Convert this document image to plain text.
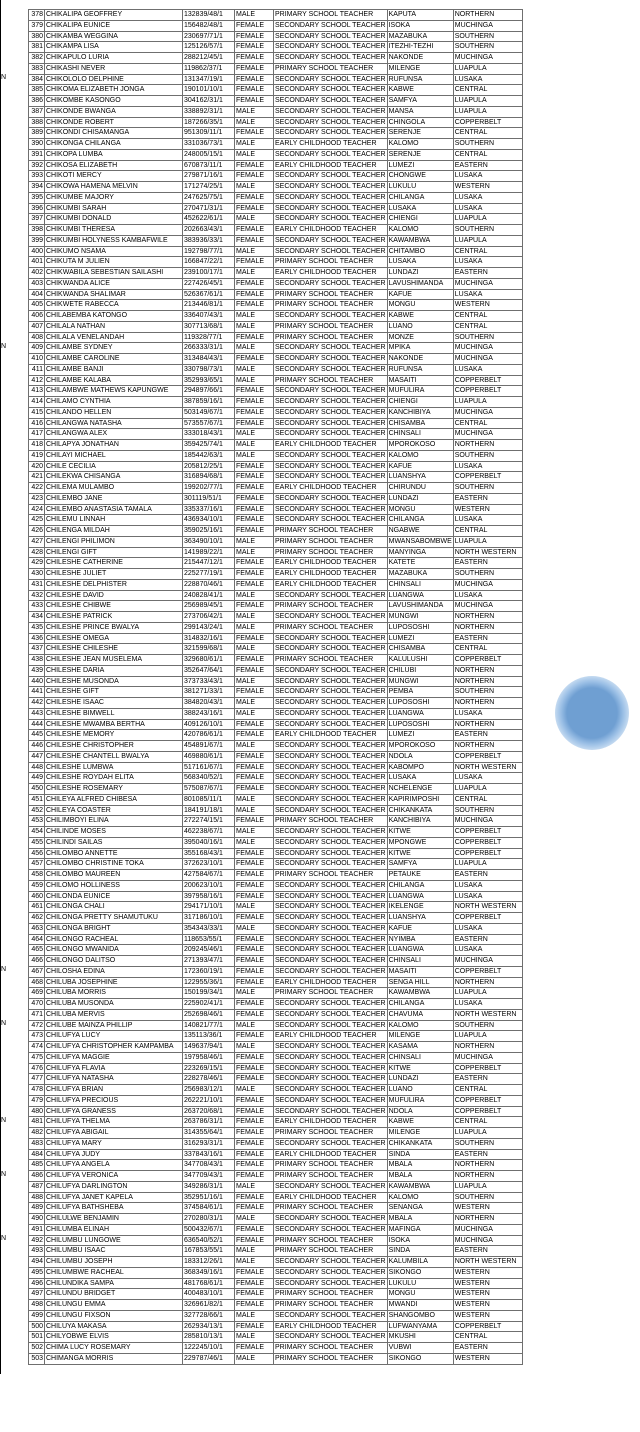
378	CHIKALIPA GEOFFREY	132839/48/1	MALE	PRIMARY SCHOOL TEACHER	KAPUTA	NORTHERN
379	CHIKALIPA EUNICE	156482/48/1	FEMALE	SECONDARY SCHOOL TEACHER	ISOKA	MUCHINGA
380	CHIKAMBA WEGGINA	230697/71/1	FEMALE	SECONDARY SCHOOL TEACHER	MAZABUKA	SOUTHERN
381	CHIKAMPA LISA	125126/57/1	FEMALE	SECONDARY SCHOOL TEACHER	ITEZHI-TEZHI	SOUTHERN
382	CHIKAPULO LURIA	288212/45/1	FEMALE	SECONDARY SCHOOL TEACHER	NAKONDE	MUCHINGA
383	CHIKASHI NEVER	119862/37/1	FEMALE	PRIMARY SCHOOL TEACHER	MILENGE	LUAPULA
384	CHIKOLOLO DELPHINE	131347/19/1	FEMALE	SECONDARY SCHOOL TEACHER	RUFUNSA	LUSAKA
385	CHIKOMA ELIZABETH JONGA	190101/10/1	FEMALE	SECONDARY SCHOOL TEACHER	KABWE	CENTRAL
386	CHIKOMBE KASONGO	304162/31/1	FEMALE	SECONDARY SCHOOL TEACHER	SAMFYA	LUAPULA
387	CHIKONDE BWANGA	338892/31/1	MALE	SECONDARY SCHOOL TEACHER	MANSA	LUAPULA
388	CHIKONDE ROBERT	187266/35/1	MALE	SECONDARY SCHOOL TEACHER	CHINGOLA	COPPERBELT
389	CHIKONDI CHISAMANGA	951309/11/1	FEMALE	SECONDARY SCHOOL TEACHER	SERENJE	CENTRAL
390	CHIKONGA CHILANGA	331036/73/1	MALE	EARLY CHILDHOOD TEACHER	KALOMO	SOUTHERN
391	CHIKOPA LUMBA	248005/15/1	MALE	SECONDARY SCHOOL TEACHER	SERENJE	CENTRAL
392	CHIKOSA ELIZABETH	670873/11/1	FEMALE	EARLY CHILDHOOD TEACHER	LUMEZI	EASTERN
393	CHIKOTI MERCY	279871/16/1	FEMALE	SECONDARY SCHOOL TEACHER	CHONGWE	LUSAKA
394	CHIKOWA HAMENA MELVIN	171274/25/1	MALE	SECONDARY SCHOOL TEACHER	LUKULU	WESTERN
395	CHIKUMBE MAJORY	247625/75/1	FEMALE	SECONDARY SCHOOL TEACHER	CHILANGA	LUSAKA
396	CHIKUMBI SARAH	270471/31/1	FEMALE	SECONDARY SCHOOL TEACHER	LUSAKA	LUSAKA
397	CHIKUMBI DONALD	452622/61/1	MALE	SECONDARY SCHOOL TEACHER	CHIENGI	LUAPULA
398	CHIKUMBI THERESA	202663/43/1	FEMALE	EARLY CHILDHOOD TEACHER	KALOMO	SOUTHERN
399	CHIKUMBI HOLYNESS KAMBAFWILE	383936/33/1	FEMALE	SECONDARY SCHOOL TEACHER	KAWAMBWA	LUAPULA
400	CHIKUMO NSAMA	192798/77/1	MALE	SECONDARY SCHOOL TEACHER	CHITAMBO	CENTRAL
401	CHIKUTA M JULIEN	166847/22/1	FEMALE	PRIMARY SCHOOL TEACHER	LUSAKA	LUSAKA
402	CHIKWABILA SEBESTIAN SAILASHI	239100/17/1	MALE	EARLY CHILDHOOD TEACHER	LUNDAZI	EASTERN
403	CHIKWANDA ALICE	227426/45/1	FEMALE	SECONDARY SCHOOL TEACHER	LAVUSHIMANDA	MUCHINGA
404	CHIKWANDA SHALIMAR	526367/61/1	FEMALE	PRIMARY SCHOOL TEACHER	KAFUE	LUSAKA
405	CHIKWETE RABECCA	213446/81/1	FEMALE	PRIMARY SCHOOL TEACHER	MONGU	WESTERN
406	CHILABEMBA KATONGO	336407/43/1	MALE	SECONDARY SCHOOL TEACHER	KABWE	CENTRAL
407	CHILALA NATHAN	307713/68/1	MALE	PRIMARY SCHOOL TEACHER	LUANO	CENTRAL
408	CHILALA VENELANDAH	119328/77/1	FEMALE	PRIMARY SCHOOL TEACHER	MONZE	SOUTHERN
409	CHILAMBE SYDNEY	266333/31/1	MALE	SECONDARY SCHOOL TEACHER	MPIKA	MUCHINGA
410	CHILAMBE CAROLINE	313484/43/1	FEMALE	SECONDARY SCHOOL TEACHER	NAKONDE	MUCHINGA
411	CHILAMBE BANJI	330798/73/1	MALE	SECONDARY SCHOOL TEACHER	RUFUNSA	LUSAKA
412	CHILAMBE KALABA	352993/65/1	MALE	PRIMARY SCHOOL TEACHER	MASAITI	COPPERBELT
413	CHILAMBWE MATHEWS KAPUNGWE	294897/66/1	FEMALE	SECONDARY SCHOOL TEACHER	MUFULIRA	COPPERBELT
414	CHILAMO CYNTHIA	387859/16/1	FEMALE	SECONDARY SCHOOL TEACHER	CHIENGI	LUAPULA
415	CHILANDO HELLEN	503149/67/1	FEMALE	SECONDARY SCHOOL TEACHER	KANCHIBIYA	MUCHINGA
416	CHILANGWA NATASHA	573557/67/1	FEMALE	SECONDARY SCHOOL TEACHER	CHISAMBA	CENTRAL
417	CHILANGWA ALEX	333018/43/1	MALE	SECONDARY SCHOOL TEACHER	CHINSALI	MUCHINGA
418	CHILAPYA JONATHAN	359425/74/1	MALE	EARLY CHILDHOOD TEACHER	MPOROKOSO	NORTHERN
419	CHILAYI MICHAEL	185442/63/1	MALE	SECONDARY SCHOOL TEACHER	KALOMO	SOUTHERN
420	CHILE CECILIA	205812/25/1	FEMALE	SECONDARY SCHOOL TEACHER	KAFUE	LUSAKA
421	CHILEKWA CHISANGA	316894/68/1	FEMALE	SECONDARY SCHOOL TEACHER	LUANSHYA	COPPERBELT
422	CHILEMA MULAMBO	199202/77/1	FEMALE	EARLY CHILDHOOD TEACHER	CHIRUNDU	SOUTHERN
423	CHILEMBO JANE	301119/51/1	FEMALE	SECONDARY SCHOOL TEACHER	LUNDAZI	EASTERN
424	CHILEMBO ANASTASIA TAMALA	335337/16/1	FEMALE	SECONDARY SCHOOL TEACHER	MONGU	WESTERN
425	CHILEMU LINNAH	436934/10/1	FEMALE	SECONDARY SCHOOL TEACHER	CHILANGA	LUSAKA
426	CHILENGA MILDAH	359025/16/1	FEMALE	PRIMARY SCHOOL TEACHER	NGABWE	CENTRAL
427	CHILENGI PHILIMON	363490/10/1	MALE	PRIMARY SCHOOL TEACHER	MWANSABOMBWE	LUAPULA
428	CHILENGI GIFT	141989/22/1	MALE	PRIMARY SCHOOL TEACHER	MANYINGA	NORTH WESTERN
429	CHILESHE CATHERINE	215447/12/1	FEMALE	EARLY CHILDHOOD TEACHER	KATETE	EASTERN
430	CHILESHE JULIET	225277/19/1	FEMALE	EARLY CHILDHOOD TEACHER	MAZABUKA	SOUTHERN
431	CHILESHE DELPHISTER	228870/46/1	FEMALE	EARLY CHILDHOOD TEACHER	CHINSALI	MUCHINGA
432	CHILESHE DAVID	240828/41/1	MALE	SECONDARY SCHOOL TEACHER	LUANGWA	LUSAKA
433	CHILESHE CHIBWE	256989/45/1	FEMALE	PRIMARY SCHOOL TEACHER	LAVUSHIMANDA	MUCHINGA
434	CHILESHE PATRICK	273706/42/1	MALE	SECONDARY SCHOOL TEACHER	MUNGWI	NORTHERN
435	CHILESHE PRINCE BWALYA	299143/24/1	MALE	PRIMARY SCHOOL TEACHER	LUPOSOSHI	NORTHERN
436	CHILESHE OMEGA	314832/16/1	FEMALE	SECONDARY SCHOOL TEACHER	LUMEZI	EASTERN
437	CHILESHE CHILESHE	321599/68/1	MALE	SECONDARY SCHOOL TEACHER	CHISAMBA	CENTRAL
438	CHILESHE JEAN MUSELEMA	329680/61/1	FEMALE	PRIMARY SCHOOL TEACHER	KALULUSHI	COPPERBELT
439	CHILESHE DARIA	352647/64/1	FEMALE	SECONDARY SCHOOL TEACHER	CHILUBI	NORTHERN
440	CHILESHE MUSONDA	373733/43/1	MALE	SECONDARY SCHOOL TEACHER	MUNGWI	NORTHERN
441	CHILESHE GIFT	381271/33/1	FEMALE	SECONDARY SCHOOL TEACHER	PEMBA	SOUTHERN
442	CHILESHE ISAAC	384820/43/1	MALE	SECONDARY SCHOOL TEACHER	LUPOSOSHI	NORTHERN
443	CHILESHE BIMWELL	388243/16/1	MALE	SECONDARY SCHOOL TEACHER	LUANGWA	LUSAKA
444	CHILESHE MWAMBA BERTHA	409126/10/1	FEMALE	SECONDARY SCHOOL TEACHER	LUPOSOSHI	NORTHERN
445	CHILESHE MEMORY	420786/61/1	FEMALE	EARLY CHILDHOOD TEACHER	LUMEZI	EASTERN
446	CHILESHE CHRISTOPHER	454891/67/1	MALE	SECONDARY SCHOOL TEACHER	MPOROKOSO	NORTHERN
447	CHILESHE CHANTELL BWALYA	469880/61/1	FEMALE	SECONDARY SCHOOL TEACHER	NDOLA	COPPERBELT
448	CHILESHE LUMBWA	517161/67/1	FEMALE	SECONDARY SCHOOL TEACHER	KABOMPO	NORTH WESTERN
449	CHILESHE ROYDAH ELITA	568340/52/1	FEMALE	SECONDARY SCHOOL TEACHER	LUSAKA	LUSAKA
450	CHILESHE ROSEMARY	575087/67/1	FEMALE	SECONDARY SCHOOL TEACHER	NCHELENGE	LUAPULA
451	CHILEYA ALFRED CHIBESA	801085/11/1	MALE	SECONDARY SCHOOL TEACHER	KAPIRIMPOSHI	CENTRAL
452	CHILEYA COASTER	184191/18/1	MALE	SECONDARY SCHOOL TEACHER	CHIKANKATA	SOUTHERN
453	CHILIMBOYI ELINA	272274/15/1	FEMALE	PRIMARY SCHOOL TEACHER	KANCHIBIYA	MUCHINGA
454	CHILINDE MOSES	462238/67/1	MALE	SECONDARY SCHOOL TEACHER	KITWE	COPPERBELT
455	CHILINDI SAILAS	395040/16/1	MALE	SECONDARY SCHOOL TEACHER	MPONGWE	COPPERBELT
456	CHILOMBO ANNETTE	355168/43/1	FEMALE	SECONDARY SCHOOL TEACHER	KITWE	COPPERBELT
457	CHILOMBO CHRISTINE TOKA	372623/10/1	FEMALE	SECONDARY SCHOOL TEACHER	SAMFYA	LUAPULA
458	CHILOMBO MAUREEN	427584/67/1	FEMALE	PRIMARY SCHOOL TEACHER	PETAUKE	EASTERN
459	CHILOMO HOLLINESS	200623/10/1	FEMALE	SECONDARY SCHOOL TEACHER	CHILANGA	LUSAKA
460	CHILONDA EUNICE	397958/16/1	FEMALE	SECONDARY SCHOOL TEACHER	LUANGWA	LUSAKA
461	CHILONGA CHALI	294171/10/1	MALE	SECONDARY SCHOOL TEACHER	IKELENGE	NORTH WESTERN
462	CHILONGA PRETTY SHAMUTUKU	317186/10/1	FEMALE	SECONDARY SCHOOL TEACHER	LUANSHYA	COPPERBELT
463	CHILONGA BRIGHT	354343/33/1	MALE	SECONDARY SCHOOL TEACHER	KAFUE	LUSAKA
464	CHILONGO RACHEAL	118653/55/1	FEMALE	SECONDARY SCHOOL TEACHER	NYIMBA	EASTERN
465	CHILONGO MWANIDA	209245/46/1	FEMALE	SECONDARY SCHOOL TEACHER	LUANGWA	LUSAKA
466	CHILONGO DALITSO	271393/47/1	FEMALE	SECONDARY SCHOOL TEACHER	CHINSALI	MUCHINGA
467	CHILOSHA EDINA	172360/19/1	FEMALE	SECONDARY SCHOOL TEACHER	MASAITI	COPPERBELT
468	CHILUBA JOSEPHINE	122955/36/1	FEMALE	EARLY CHILDHOOD TEACHER	SENGA HILL	NORTHERN
469	CHILUBA MORRIS	150199/34/1	MALE	PRIMARY SCHOOL TEACHER	KAWAMBWA	LUAPULA
470	CHILUBA MUSONDA	225902/41/1	FEMALE	SECONDARY SCHOOL TEACHER	CHILANGA	LUSAKA
471	CHILUBA MERVIS	252698/46/1	FEMALE	SECONDARY SCHOOL TEACHER	CHAVUMA	NORTH WESTERN
472	CHILUBE MAINZA PHILLIP	140821/77/1	MALE	SECONDARY SCHOOL TEACHER	KALOMO	SOUTHERN
473	CHILUFYA LUCY	135113/36/1	FEMALE	EARLY CHILDHOOD TEACHER	MILENGE	LUAPULA
474	CHILUFYA CHRISTOPHER KAMPAMBA	149637/94/1	MALE	SECONDARY SCHOOL TEACHER	KASAMA	NORTHERN
475	CHILUFYA MAGGIE	197958/46/1	FEMALE	SECONDARY SCHOOL TEACHER	CHINSALI	MUCHINGA
476	CHILUFYA FLAVIA	223269/15/1	FEMALE	SECONDARY SCHOOL TEACHER	KITWE	COPPERBELT
477	CHILUFYA NATASHA	228278/46/1	FEMALE	SECONDARY SCHOOL TEACHER	LUNDAZI	EASTERN
478	CHILUFYA BRIAN	256983/12/1	MALE	SECONDARY SCHOOL TEACHER	LUANO	CENTRAL
479	CHILUFYA PRECIOUS	262221/10/1	FEMALE	SECONDARY SCHOOL TEACHER	MUFULIRA	COPPERBELT
480	CHILUFYA GRANESS	263720/68/1	FEMALE	SECONDARY SCHOOL TEACHER	NDOLA	COPPERBELT
481	CHILUFYA THELMA	263786/31/1	FEMALE	EARLY CHILDHOOD TEACHER	KABWE	CENTRAL
482	CHILUFYA ABIGAIL	314355/64/1	FEMALE	PRIMARY SCHOOL TEACHER	MILENGE	LUAPULA
483	CHILUFYA MARY	316293/31/1	FEMALE	SECONDARY SCHOOL TEACHER	CHIKANKATA	SOUTHERN
484	CHILUFYA JUDY	337843/16/1	FEMALE	EARLY CHILDHOOD TEACHER	SINDA	EASTERN
485	CHILUFYA ANGELA	347708/43/1	FEMALE	PRIMARY SCHOOL TEACHER	MBALA	NORTHERN
486	CHILUFYA VERONICA	347709/43/1	FEMALE	PRIMARY SCHOOL TEACHER	MBALA	NORTHERN
487	CHILUFYA DARLINGTON	349286/31/1	MALE	SECONDARY SCHOOL TEACHER	KAWAMBWA	LUAPULA
488	CHILUFYA JANET KAPELA	352951/16/1	FEMALE	EARLY CHILDHOOD TEACHER	KALOMO	SOUTHERN
489	CHILUFYA BATHSHEBA	374584/61/1	FEMALE	PRIMARY SCHOOL TEACHER	SENANGA	WESTERN
490	CHILULWE BENJAMIN	270280/31/1	MALE	SECONDARY SCHOOL TEACHER	MBALA	NORTHERN
491	CHILUMBA ELINAH	500432/67/1	FEMALE	SECONDARY SCHOOL TEACHER	MAFINGA	MUCHINGA
492	CHILUMBU LUNGOWE	636540/52/1	FEMALE	PRIMARY SCHOOL TEACHER	ISOKA	MUCHINGA
493	CHILUMBU ISAAC	167853/55/1	MALE	PRIMARY SCHOOL TEACHER	SINDA	EASTERN
494	CHILUMBU JOSEPH	183312/26/1	MALE	SECONDARY SCHOOL TEACHER	KALUMBILA	NORTH WESTERN
495	CHILUMBWE RACHEAL	368349/16/1	FEMALE	SECONDARY SCHOOL TEACHER	SIKONGO	WESTERN
496	CHILUNDIKA SAMPA	481768/61/1	FEMALE	SECONDARY SCHOOL TEACHER	LUKULU	WESTERN
497	CHILUNDU BRIDGET	400483/10/1	FEMALE	PRIMARY SCHOOL TEACHER	MONGU	WESTERN
498	CHILUNGU EMMA	326961/82/1	FEMALE	PRIMARY SCHOOL TEACHER	MWANDI	WESTERN
499	CHILUNGU FIXSON	327728/66/1	MALE	SECONDARY SCHOOL TEACHER	SHANGOMBO	WESTERN
500	CHILUYA MAKASA	262934/13/1	FEMALE	EARLY CHILDHOOD TEACHER	LUFWANYAMA	COPPERBELT
501	CHILYOBWE ELVIS	285810/13/1	MALE	SECONDARY SCHOOL TEACHER	MKUSHI	CENTRAL
502	CHIMA LUCY ROSEMARY	122245/10/1	FEMALE	PRIMARY SCHOOL TEACHER	VUBWI	EASTERN
503	CHIMANGA MORRIS	229787/46/1	MALE	PRIMARY SCHOOL TEACHER	SIKONGO	WESTERN
N
N
N
N
N
N
N
